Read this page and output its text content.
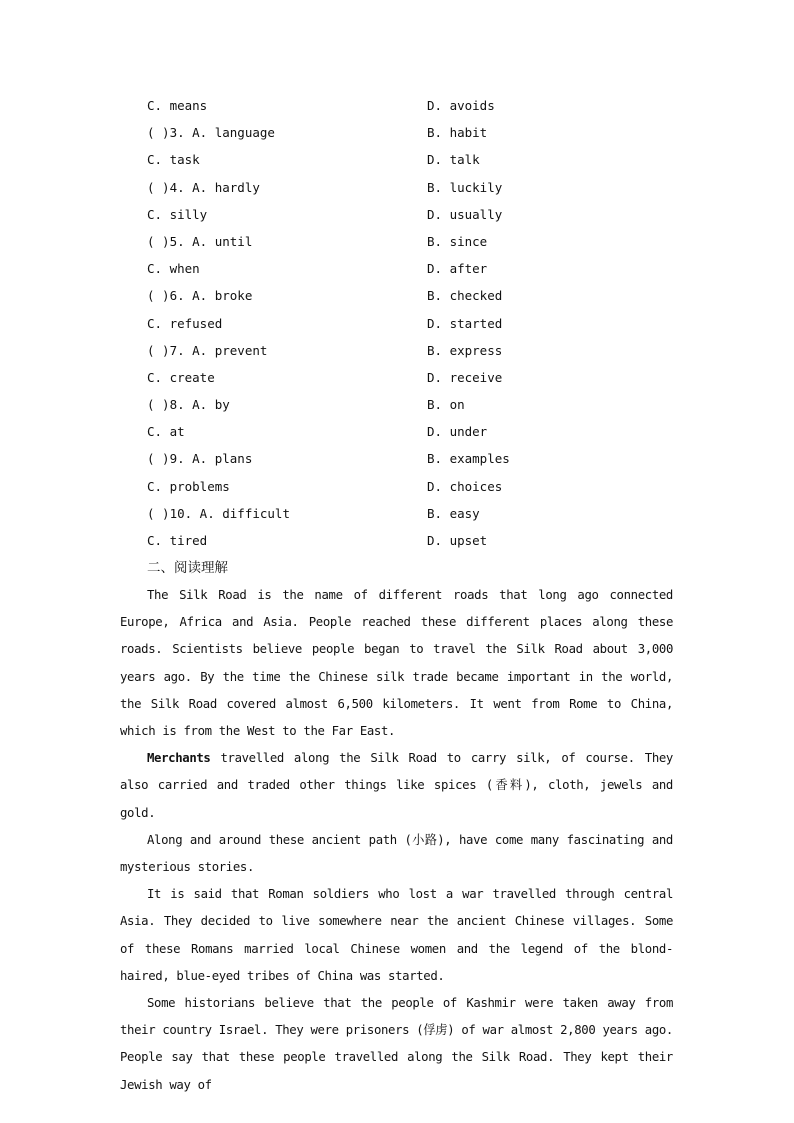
C. means	D. avoids
( )3. A. language	B. habit
C. task	D. talk
( )4. A. hardly	B. luckily
C. silly	D. usually
( )5. A. until	B. since
C. when	D. after
( )6. A. broke	B. checked
C. refused	D. started
( )7. A. prevent	B. express
C. create	D. receive
( )8. A. by	B. on
C. at	D. under
( )9. A. plans	B. examples
C. problems	D. choices
( )10. A. difficult	B. easy
C. tired	D. upset
二、阅读理解

The Silk Road is the name of different roads that long ago connected Europe, Africa and Asia. People reached these different places along these roads. Scientists believe people began to travel the Silk Road about 3,000 years ago. By the time the Chinese silk trade became important in the world, the Silk Road covered almost 6,500 kilometers. It went from Rome to China, which is from the West to the Far East.

Merchants travelled along the Silk Road to carry silk, of course. They also carried and traded other things like spices (香料), cloth, jewels and gold.

Along and around these ancient path (小路), have come many fascinating and mysterious stories.

It is said that Roman soldiers who lost a war travelled through central Asia. They decided to live somewhere near the ancient Chinese villages. Some of these Romans married local Chinese women and the legend of the blond-haired, blue-eyed tribes of China was started.

Some historians believe that the people of Kashmir were taken away from their country Israel. They were prisoners (俘虏) of war almost 2,800 years ago. People say that these people travelled along the Silk Road. They kept their Jewish way of
